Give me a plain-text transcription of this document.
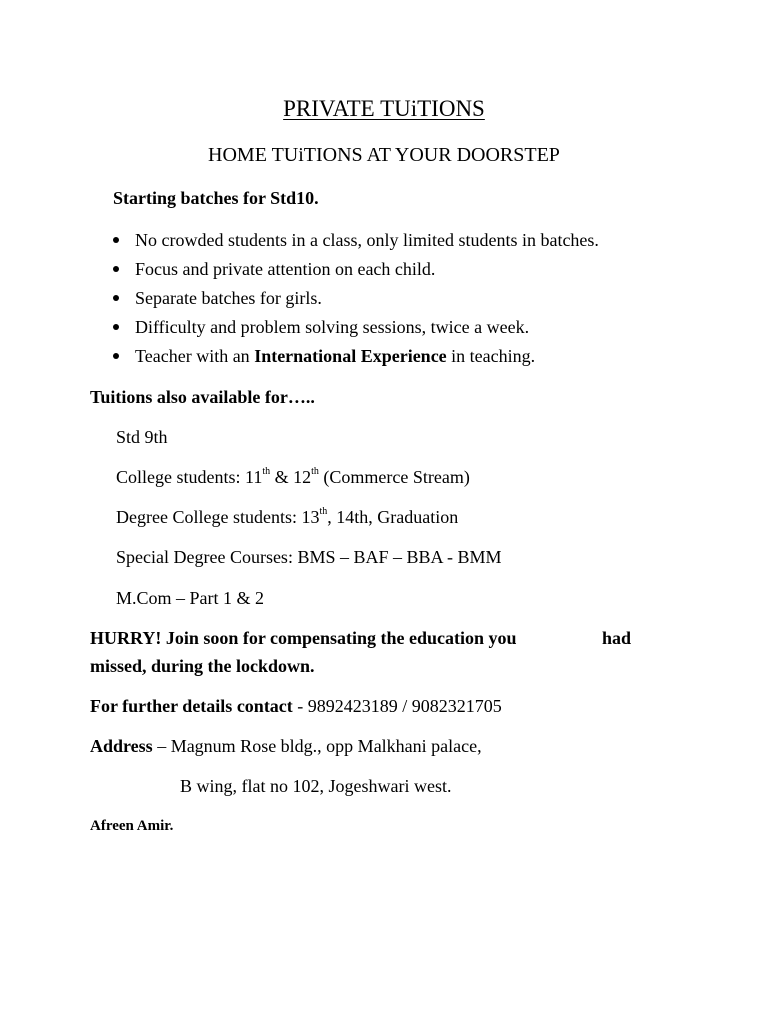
PRIVATE TUiTIONS
HOME TUiTIONS AT YOUR DOORSTEP
Starting batches for Std10.
No crowded students in a class, only limited students in batches.
Focus and private attention on each child.
Separate batches for girls.
Difficulty and problem solving sessions, twice a week.
Teacher with an International Experience in teaching.
Tuitions also available for…..
Std 9th
College students: 11th & 12th (Commerce Stream)
Degree College students: 13th, 14th, Graduation
Special Degree Courses: BMS – BAF – BBA - BMM
M.Com – Part 1 & 2
HURRY! Join soon for compensating the education you	had
missed, during the lockdown.
For further details contact - 9892423189 / 9082321705
Address – Magnum Rose bldg., opp Malkhani palace,
B wing, flat no 102, Jogeshwari west.
Afreen Amir.
